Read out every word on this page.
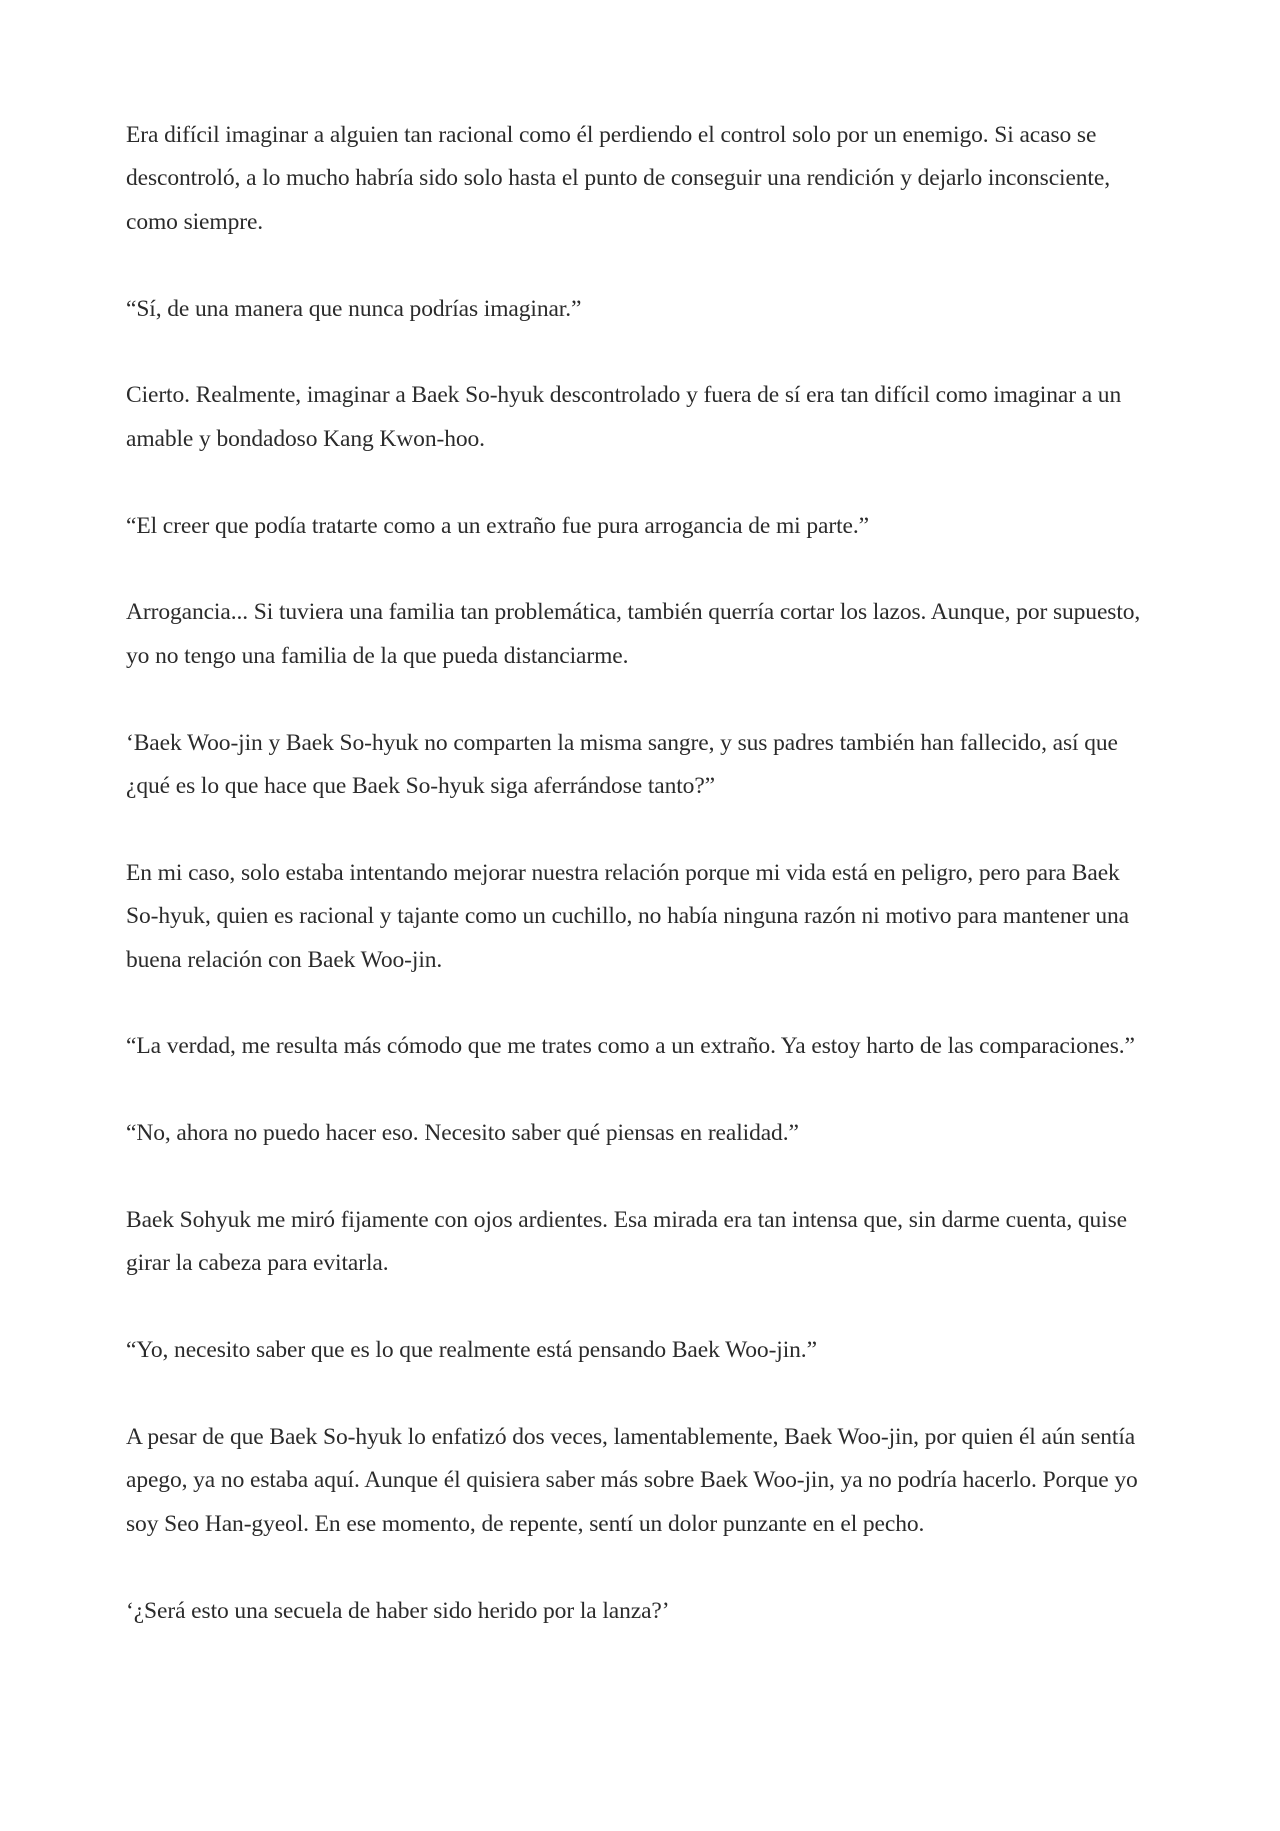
Era difícil imaginar a alguien tan racional como él perdiendo el control solo por un enemigo. Si acaso se descontroló, a lo mucho habría sido solo hasta el punto de conseguir una rendición y dejarlo inconsciente, como siempre.

“Sí, de una manera que nunca podrías imaginar.”

Cierto. Realmente, imaginar a Baek So-hyuk descontrolado y fuera de sí era tan difícil como imaginar a un amable y bondadoso Kang Kwon-hoo.

“El creer que podía tratarte como a un extraño fue pura arrogancia de mi parte.”

Arrogancia... Si tuviera una familia tan problemática, también querría cortar los lazos. Aunque, por supuesto, yo no tengo una familia de la que pueda distanciarme.

‘Baek Woo-jin y Baek So-hyuk no comparten la misma sangre, y sus padres también han fallecido, así que ¿qué es lo que hace que Baek So-hyuk siga aferrándose tanto?”

En mi caso, solo estaba intentando mejorar nuestra relación porque mi vida está en peligro, pero para Baek So-hyuk, quien es racional y tajante como un cuchillo, no había ninguna razón ni motivo para mantener una buena relación con Baek Woo-jin.

“La verdad, me resulta más cómodo que me trates como a un extraño. Ya estoy harto de las comparaciones.”

“No, ahora no puedo hacer eso. Necesito saber qué piensas en realidad.”

Baek Sohyuk me miró fijamente con ojos ardientes. Esa mirada era tan intensa que, sin darme cuenta, quise girar la cabeza para evitarla.

“Yo, necesito saber que es lo que realmente está pensando Baek Woo-jin.”

A pesar de que Baek So-hyuk lo enfatizó dos veces, lamentablemente, Baek Woo-jin, por quien él aún sentía apego, ya no estaba aquí. Aunque él quisiera saber más sobre Baek Woo-jin, ya no podría hacerlo. Porque yo soy Seo Han-gyeol. En ese momento, de repente, sentí un dolor punzante en el pecho.

‘¿Será esto una secuela de haber sido herido por la lanza?’
